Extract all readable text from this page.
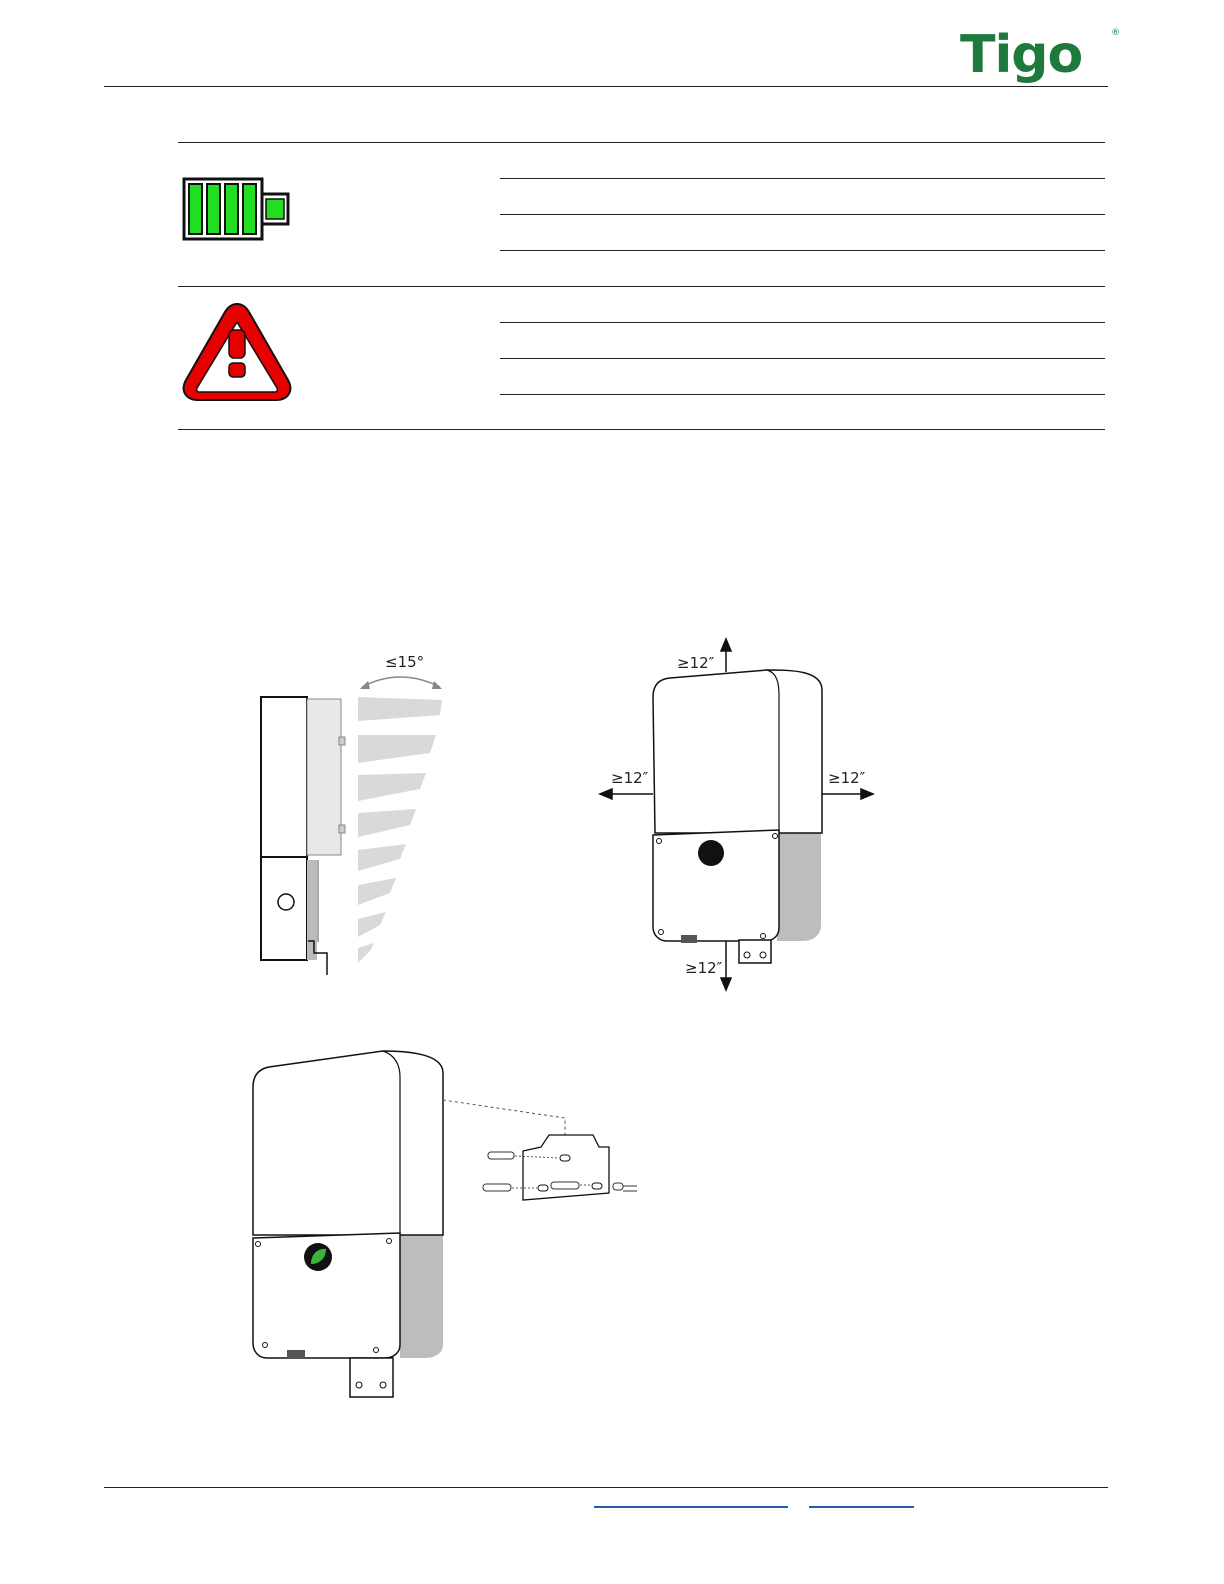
Tigo	®
≤15°	≥12″
≥12″	≥12″
≥12″
